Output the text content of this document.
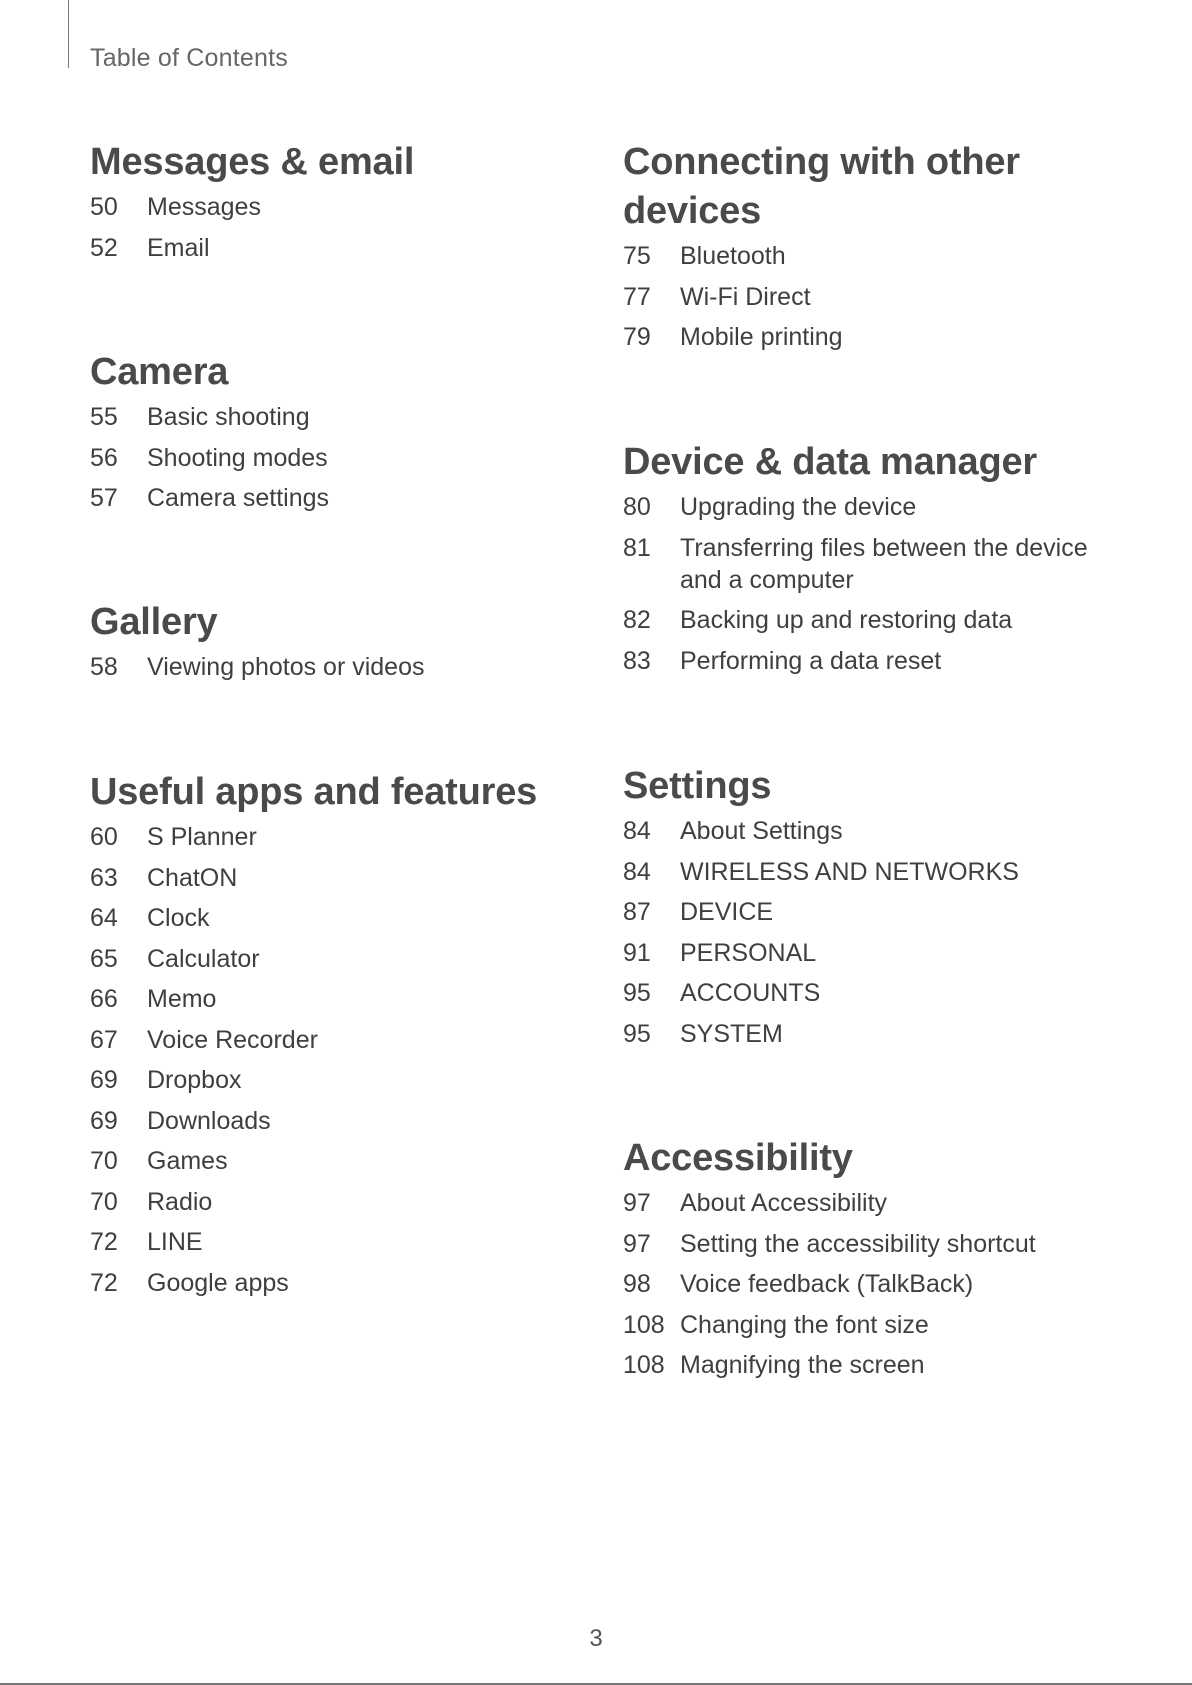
Table of Contents
Messages & email
50	Messages
52	Email
Camera
55	Basic shooting
56	Shooting modes
57	Camera settings
Gallery
58	Viewing photos or videos
Useful apps and features
60	S Planner
63	ChatON
64	Clock
65	Calculator
66	Memo
67	Voice Recorder
69	Dropbox
69	Downloads
70	Games
70	Radio
72	LINE
72	Google apps
Connecting with other devices
75	Bluetooth
77	Wi-Fi Direct
79	Mobile printing
Device & data manager
80	Upgrading the device
81	Transferring files between the device and a computer
82	Backing up and restoring data
83	Performing a data reset
Settings
84	About Settings
84	WIRELESS AND NETWORKS
87	DEVICE
91	PERSONAL
95	ACCOUNTS
95	SYSTEM
Accessibility
97	About Accessibility
97	Setting the accessibility shortcut
98	Voice feedback (TalkBack)
108 Changing the font size
108 Magnifying the screen
3
